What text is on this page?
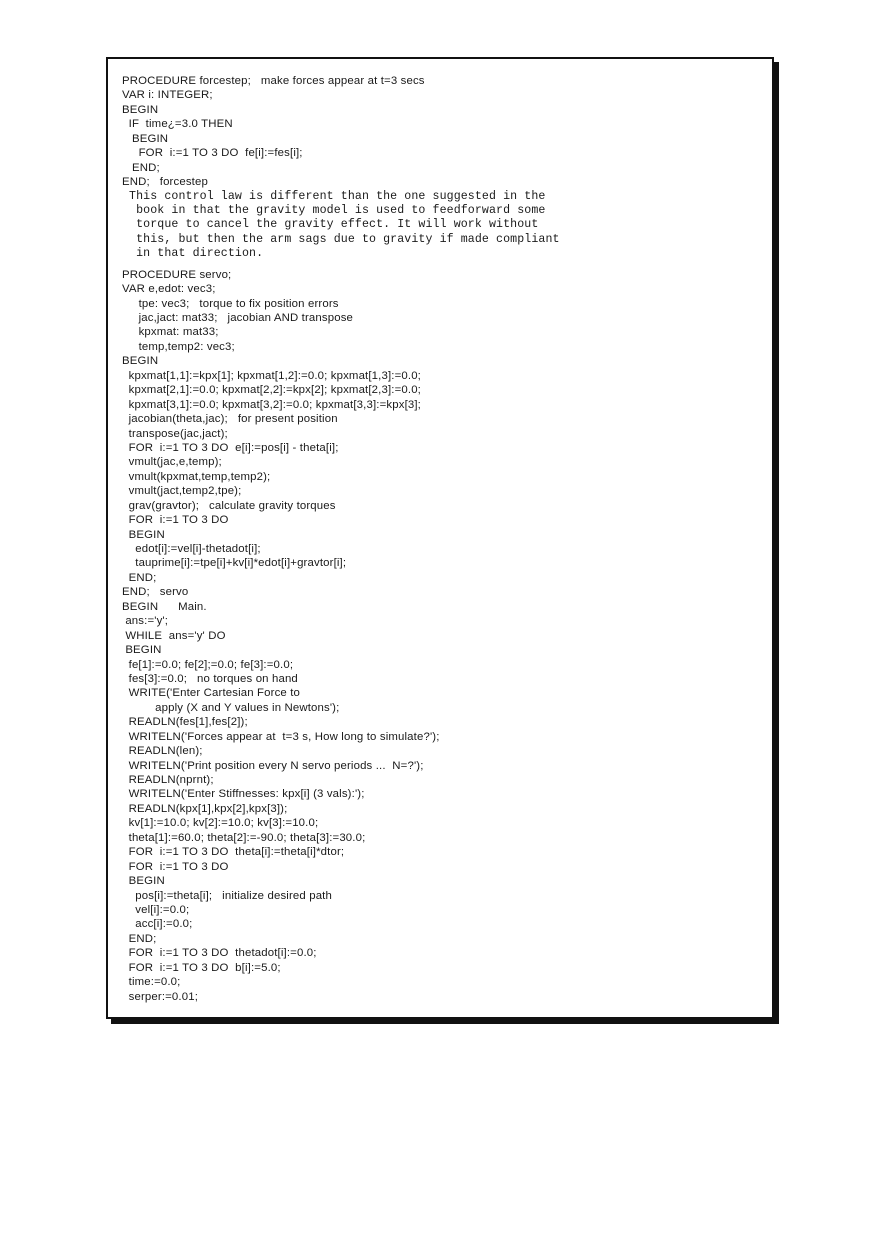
PROCEDURE forcestep;   make forces appear at t=3 secs
VAR i: INTEGER;
BEGIN
IF  time¿=3.0 THEN
BEGIN
FOR  i:=1 TO 3 DO  fe[i]:=fes[i];
END;
END;   forcestep
This control law is different than the one suggested in the
book in that the gravity model is used to feedforward some
torque to cancel the gravity effect. It will work without
this, but then the arm sags due to gravity if made compliant
in that direction.
PROCEDURE servo;
VAR e,edot: vec3;
tpe: vec3;   torque to fix position errors
jac,jact: mat33;   jacobian AND transpose
kpxmat: mat33;
temp,temp2: vec3;
BEGIN
kpxmat[1,1]:=kpx[1]; kpxmat[1,2]:=0.0; kpxmat[1,3]:=0.0;
kpxmat[2,1]:=0.0; kpxmat[2,2]:=kpx[2]; kpxmat[2,3]:=0.0;
kpxmat[3,1]:=0.0; kpxmat[3,2]:=0.0; kpxmat[3,3]:=kpx[3];
jacobian(theta,jac);   for present position
transpose(jac,jact);
FOR  i:=1 TO 3 DO  e[i]:=pos[i] - theta[i];
vmult(jac,e,temp);
vmult(kpxmat,temp,temp2);
vmult(jact,temp2,tpe);
grav(gravtor);   calculate gravity torques
FOR  i:=1 TO 3 DO
BEGIN
edot[i]:=vel[i]-thetadot[i];
tauprime[i]:=tpe[i]+kv[i]*edot[i]+gravtor[i];
END;
END;   servo
BEGIN      Main.
ans:='y';
WHILE  ans='y' DO
BEGIN
fe[1]:=0.0; fe[2];=0.0; fe[3]:=0.0;
fes[3]:=0.0;   no torques on hand
WRITE('Enter Cartesian Force to
apply (X and Y values in Newtons');
READLN(fes[1],fes[2]);
WRITELN('Forces appear at  t=3 s, How long to simulate?');
READLN(len);
WRITELN('Print position every N servo periods ...  N=?');
READLN(nprnt);
WRITELN('Enter Stiffnesses: kpx[i] (3 vals):');
READLN(kpx[1],kpx[2],kpx[3]);
kv[1]:=10.0; kv[2]:=10.0; kv[3]:=10.0;
theta[1]:=60.0; theta[2]:=-90.0; theta[3]:=30.0;
FOR  i:=1 TO 3 DO  theta[i]:=theta[i]*dtor;
FOR  i:=1 TO 3 DO
BEGIN
pos[i]:=theta[i];   initialize desired path
vel[i]:=0.0;
acc[i]:=0.0;
END;
FOR  i:=1 TO 3 DO  thetadot[i]:=0.0;
FOR  i:=1 TO 3 DO  b[i]:=5.0;
time:=0.0;
serper:=0.01;
